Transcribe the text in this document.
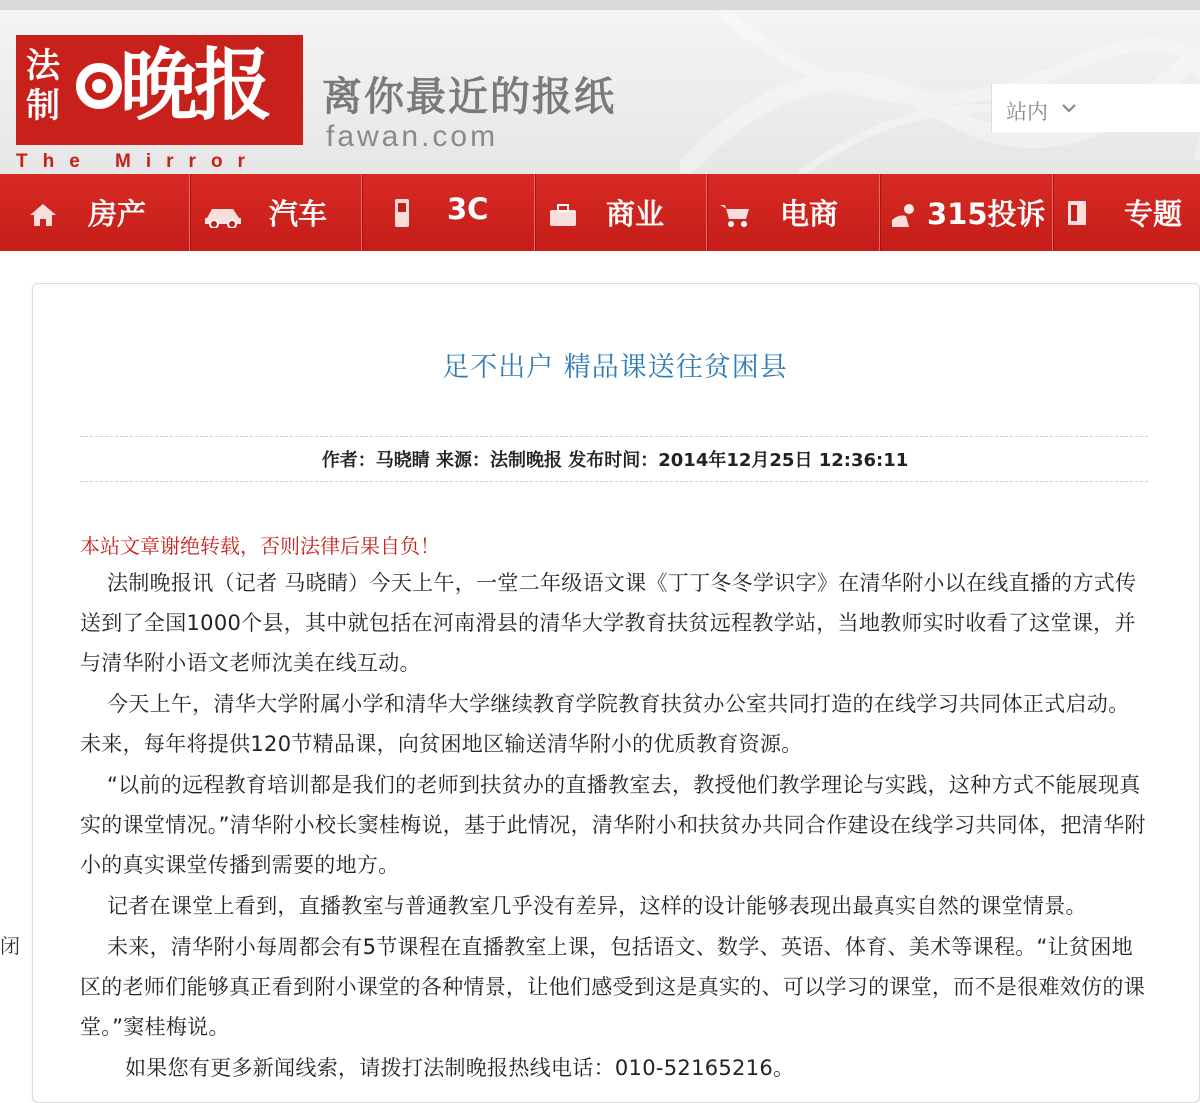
法
制 晚报
The Mirror
离你最近的报纸
fawan.com
站内
房产	汽车	3C	商业	电商	315投诉	专题
闭
足不出户 精品课送往贫困县
作者：马晓睛 来源：法制晚报 发布时间：2014年12月25日 12:36:11
本站文章谢绝转载，否则法律后果自负！

法制晚报讯（记者 马晓睛）今天上午，一堂二年级语文课《丁丁冬冬学识字》在清华附小以在线直播的方式传送到了全国1000个县，其中就包括在河南滑县的清华大学教育扶贫远程教学站，当地教师实时收看了这堂课，并与清华附小语文老师沈美在线互动。

今天上午，清华大学附属小学和清华大学继续教育学院教育扶贫办公室共同打造的在线学习共同体正式启动。未来，每年将提供120节精品课，向贫困地区输送清华附小的优质教育资源。

“以前的远程教育培训都是我们的老师到扶贫办的直播教室去，教授他们教学理论与实践，这种方式不能展现真实的课堂情况。”清华附小校长窦桂梅说，基于此情况，清华附小和扶贫办共同合作建设在线学习共同体，把清华附小的真实课堂传播到需要的地方。

记者在课堂上看到，直播教室与普通教室几乎没有差异，这样的设计能够表现出最真实自然的课堂情景。

未来，清华附小每周都会有5节课程在直播教室上课，包括语文、数学、英语、体育、美术等课程。“让贫困地区的老师们能够真正看到附小课堂的各种情景，让他们感受到这是真实的、可以学习的课堂，而不是很难效仿的课堂。”窦桂梅说。

如果您有更多新闻线索，请拨打法制晚报热线电话：010-52165216。
